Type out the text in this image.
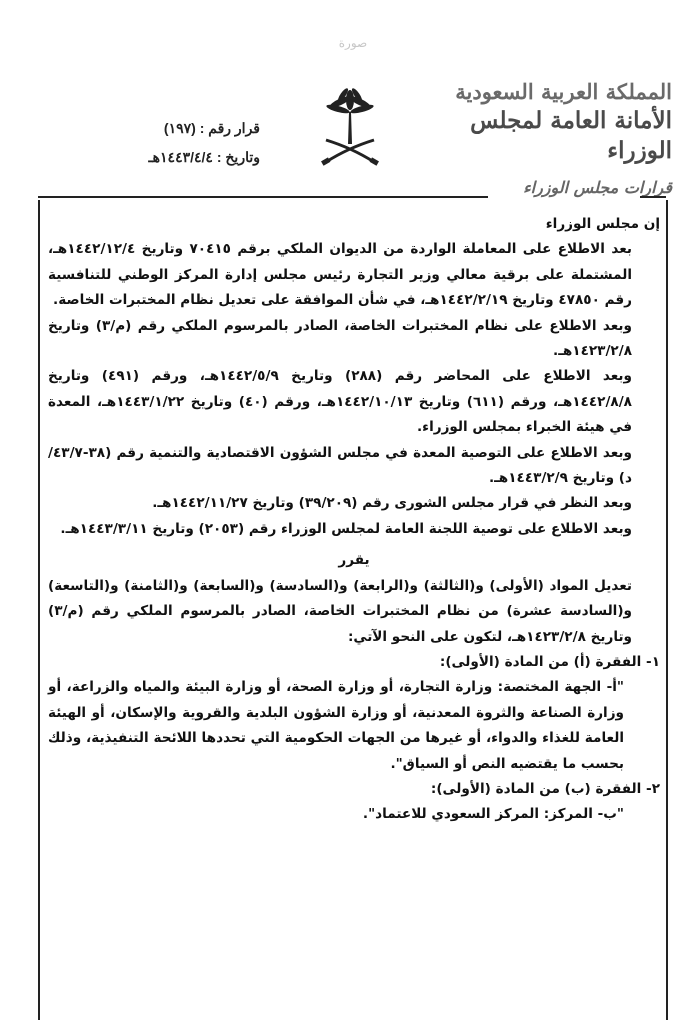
صورة
المملكة العربية السعودية
الأمانة العامة لمجلس الوزراء
قرار رقم : (١٩٧)
وتاريخ : ١٤٤٣/٤/٤هـ
قرارات مجلس الوزراء

إن مجلس الوزراء

بعد الاطلاع على المعاملة الواردة من الديوان الملكي برقم ٧٠٤١٥ وتاريخ ١٤٤٢/١٢/٤هـ، المشتملة على برقية معالي وزير التجارة رئيس مجلس إدارة المركز الوطني للتنافسية رقم ٤٧٨٥٠ وتاريخ ١٤٤٢/٢/١٩هـ، في شأن الموافقة على تعديل نظام المختبرات الخاصة.

وبعد الاطلاع على نظام المختبرات الخاصة، الصادر بالمرسوم الملكي رقم (م/٣) وتاريخ ١٤٢٣/٢/٨هـ.

وبعد الاطلاع على المحاضر رقم (٢٨٨) وتاريخ ١٤٤٢/٥/٩هـ، ورقم (٤٩١) وتاريخ ١٤٤٢/٨/٨هـ، ورقم (٦١١) وتاريخ ١٤٤٢/١٠/١٣هـ، ورقم (٤٠) وتاريخ ١٤٤٣/١/٢٢هـ، المعدة في هيئة الخبراء بمجلس الوزراء.

وبعد الاطلاع على التوصية المعدة في مجلس الشؤون الاقتصادية والتنمية رقم (٣٨-٤٣/٧/د) وتاريخ ١٤٤٣/٢/٩هـ.

وبعد النظر في قرار مجلس الشورى رقم (٣٩/٢٠٩) وتاريخ ١٤٤٢/١١/٢٧هـ.

وبعد الاطلاع على توصية اللجنة العامة لمجلس الوزراء رقم (٢٠٥٣) وتاريخ ١٤٤٣/٣/١١هـ.

يقرر

تعديل المواد (الأولى) و(الثالثة) و(الرابعة) و(السادسة) و(السابعة) و(الثامنة) و(التاسعة) و(السادسة عشرة) من نظام المختبرات الخاصة، الصادر بالمرسوم الملكي رقم (م/٣) وتاريخ ١٤٢٣/٢/٨هـ، لتكون على النحو الآتي:

١- الفقرة (أ) من المادة (الأولى):

"أ- الجهة المختصة: وزارة التجارة، أو وزارة الصحة، أو وزارة البيئة والمياه والزراعة، أو وزارة الصناعة والثروة المعدنية، أو وزارة الشؤون البلدية والقروية والإسكان، أو الهيئة العامة للغذاء والدواء، أو غيرها من الجهات الحكومية التي تحددها اللائحة التنفيذية، وذلك بحسب ما يقتضيه النص أو السياق".

٢- الفقرة (ب) من المادة (الأولى):

"ب- المركز: المركز السعودي للاعتماد".
